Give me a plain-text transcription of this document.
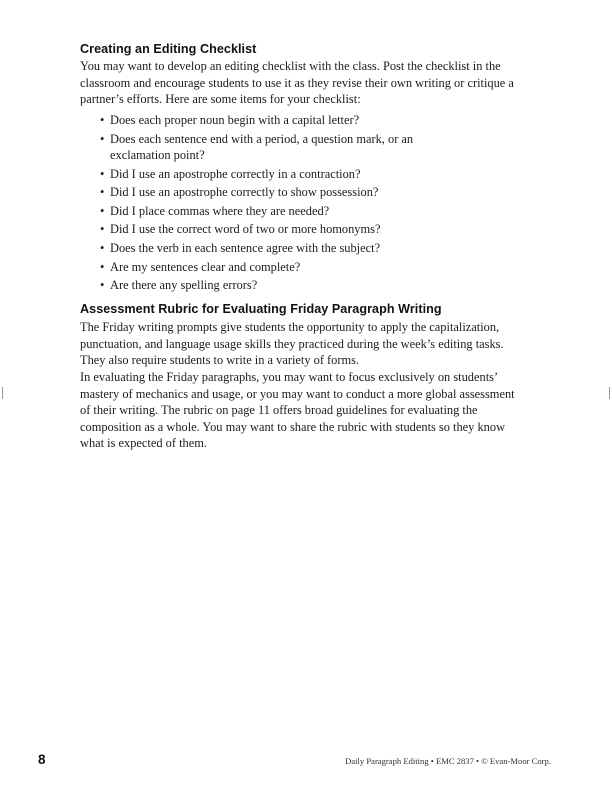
Creating an Editing Checklist

You may want to develop an editing checklist with the class. Post the checklist in the classroom and encourage students to use it as they revise their own writing or critique a partner’s efforts. Here are some items for your checklist:

• Does each proper noun begin with a capital letter?
• Does each sentence end with a period, a question mark, or an exclamation point?
• Did I use an apostrophe correctly in a contraction?
• Did I use an apostrophe correctly to show possession?
• Did I place commas where they are needed?
• Did I use the correct word of two or more homonyms?
• Does the verb in each sentence agree with the subject?
• Are my sentences clear and complete?
• Are there any spelling errors?
Assessment Rubric for Evaluating Friday Paragraph Writing

The Friday writing prompts give students the opportunity to apply the capitalization, punctuation, and language usage skills they practiced during the week’s editing tasks. They also require students to write in a variety of forms.

In evaluating the Friday paragraphs, you may want to focus exclusively on students’ mastery of mechanics and usage, or you may want to conduct a more global assessment of their writing. The rubric on page 11 offers broad guidelines for evaluating the composition as a whole. You may want to share the rubric with students so they know what is expected of them.

8	Daily Paragraph Editing • EMC 2837 • © Evan-Moor Corp.
